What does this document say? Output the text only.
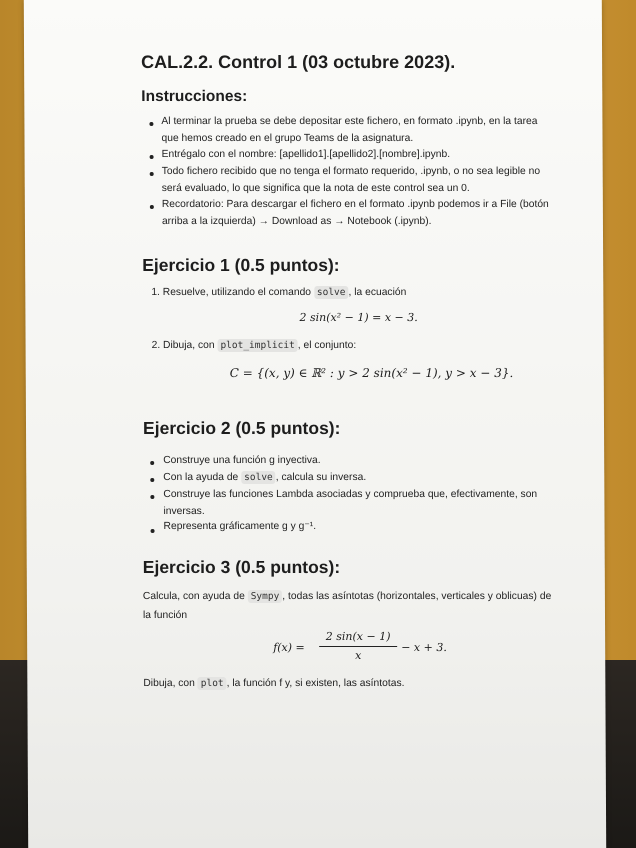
CAL.2.2. Control 1 (03 octubre 2023).
Instrucciones:
Al terminar la prueba se debe depositar este fichero, en formato .ipynb, en la tarea
que hemos creado en el grupo Teams de la asignatura.
Entrégalo con el nombre: [apellido1].[apellido2].[nombre].ipynb.
Todo fichero recibido que no tenga el formato requerido, .ipynb, o no sea legible no
será evaluado, lo que significa que la nota de este control sea un 0.
Recordatorio: Para descargar el fichero en el formato .ipynb podemos ir a File (botón
arriba a la izquierda) → Download as → Notebook (.ipynb).
Ejercicio 1 (0.5 puntos):
1. Resuelve, utilizando el comando solve , la ecuación
2 sin(x² − 1) = x − 3.
2. Dibuja, con plot_implicit , el conjunto:
C = {(x, y) ∈ ℝ² : y > 2 sin(x² − 1), y > x − 3}.
Ejercicio 2 (0.5 puntos):
Construye una función g inyectiva.
Con la ayuda de solve , calcula su inversa.
Construye las funciones Lambda asociadas y comprueba que, efectivamente, son
inversas.
Representa gráficamente g y g⁻¹.
Ejercicio 3 (0.5 puntos):
Calcula, con ayuda de Sympy , todas las asíntotas (horizontales, verticales y oblicuas) de
la función
f(x) =
2 sin(x − 1)
x
− x + 3.
Dibuja, con plot , la función f y, si existen, las asíntotas.
